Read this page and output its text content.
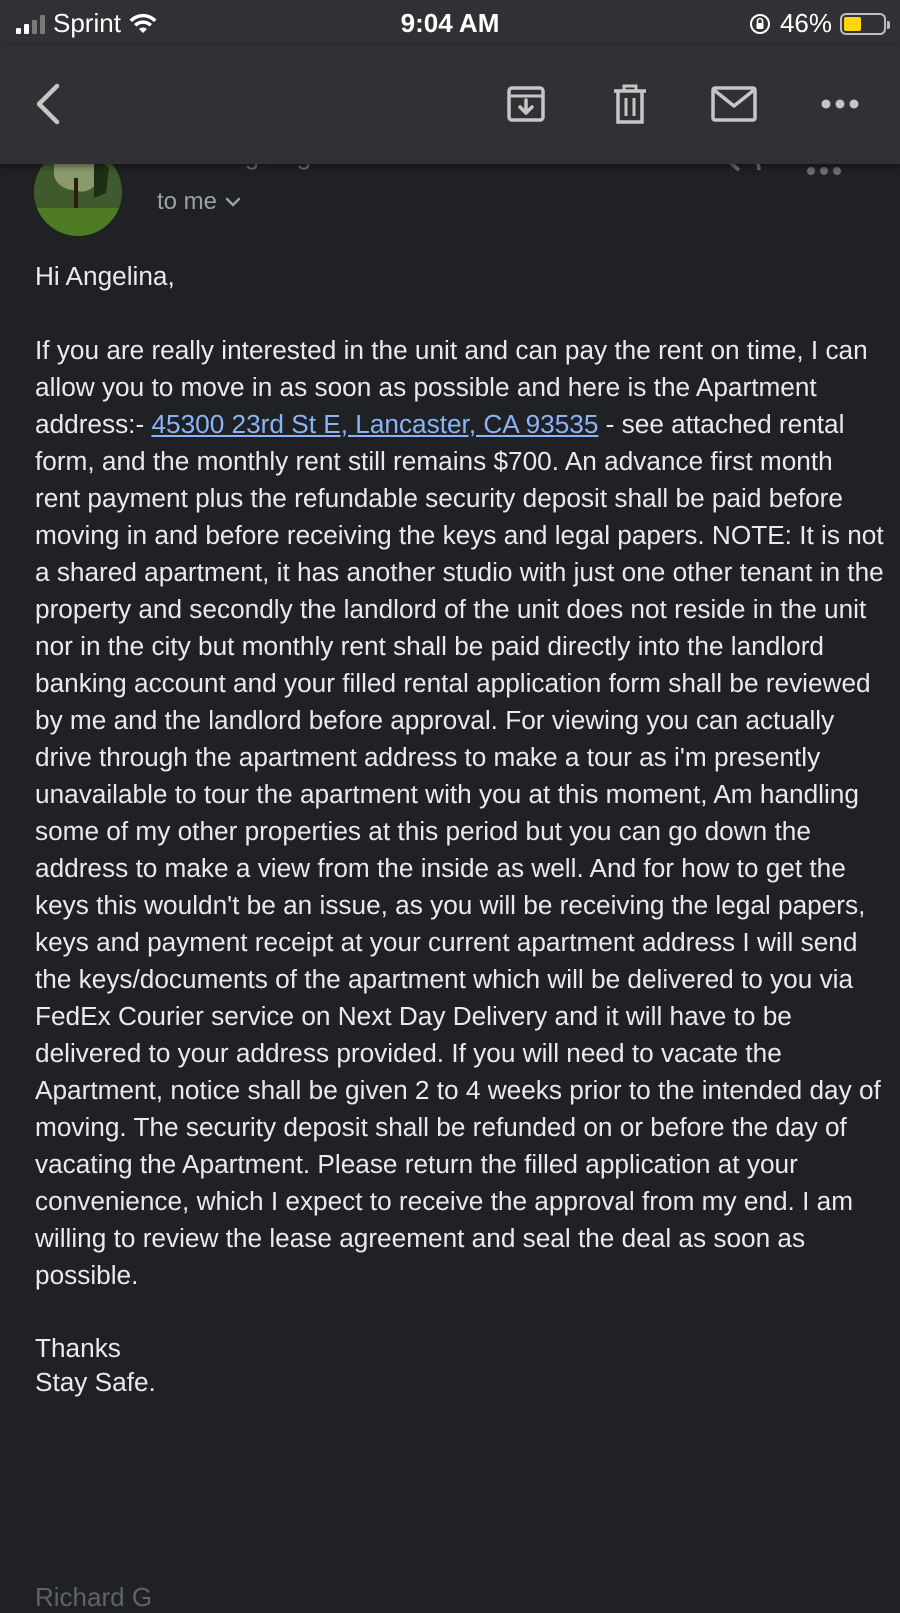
Sprint	9:04 AM	46%

to me

Hi Angelina,

If you are really interested in the unit and can pay the rent on time, I can allow you to move in as soon as possible and here is the Apartment address:- 45300 23rd St E, Lancaster, CA 93535 - see attached rental form, and the monthly rent still remains $700. An advance first month rent payment plus the refundable security deposit shall be paid before moving in and before receiving the keys and legal papers. NOTE: It is not a shared apartment, it has another studio with just one other tenant in the property and secondly the landlord of the unit does not reside in the unit nor in the city but monthly rent shall be paid directly into the landlord banking account and your filled rental application form shall be reviewed by me and the landlord before approval. For viewing you can actually drive through the apartment address to make a tour as i'm presently unavailable to tour the apartment with you at this moment, Am handling some of my other properties at this period but you can go down the address to make a view from the inside as well. And for how to get the keys this wouldn't be an issue, as you will be receiving the legal papers, keys and payment receipt at your current apartment address I will send the keys/documents of the apartment which will be delivered to you via FedEx Courier service on Next Day Delivery and it will have to be delivered to your address provided. If you will need to vacate the Apartment, notice shall be given 2 to 4 weeks prior to the intended day of moving. The security deposit shall be refunded on or before the day of vacating the Apartment. Please return the filled application at your convenience, which I expect to receive the approval from my end. I am willing to review the lease agreement and seal the deal as soon as possible.

Thanks

Stay Safe.

Richard G
